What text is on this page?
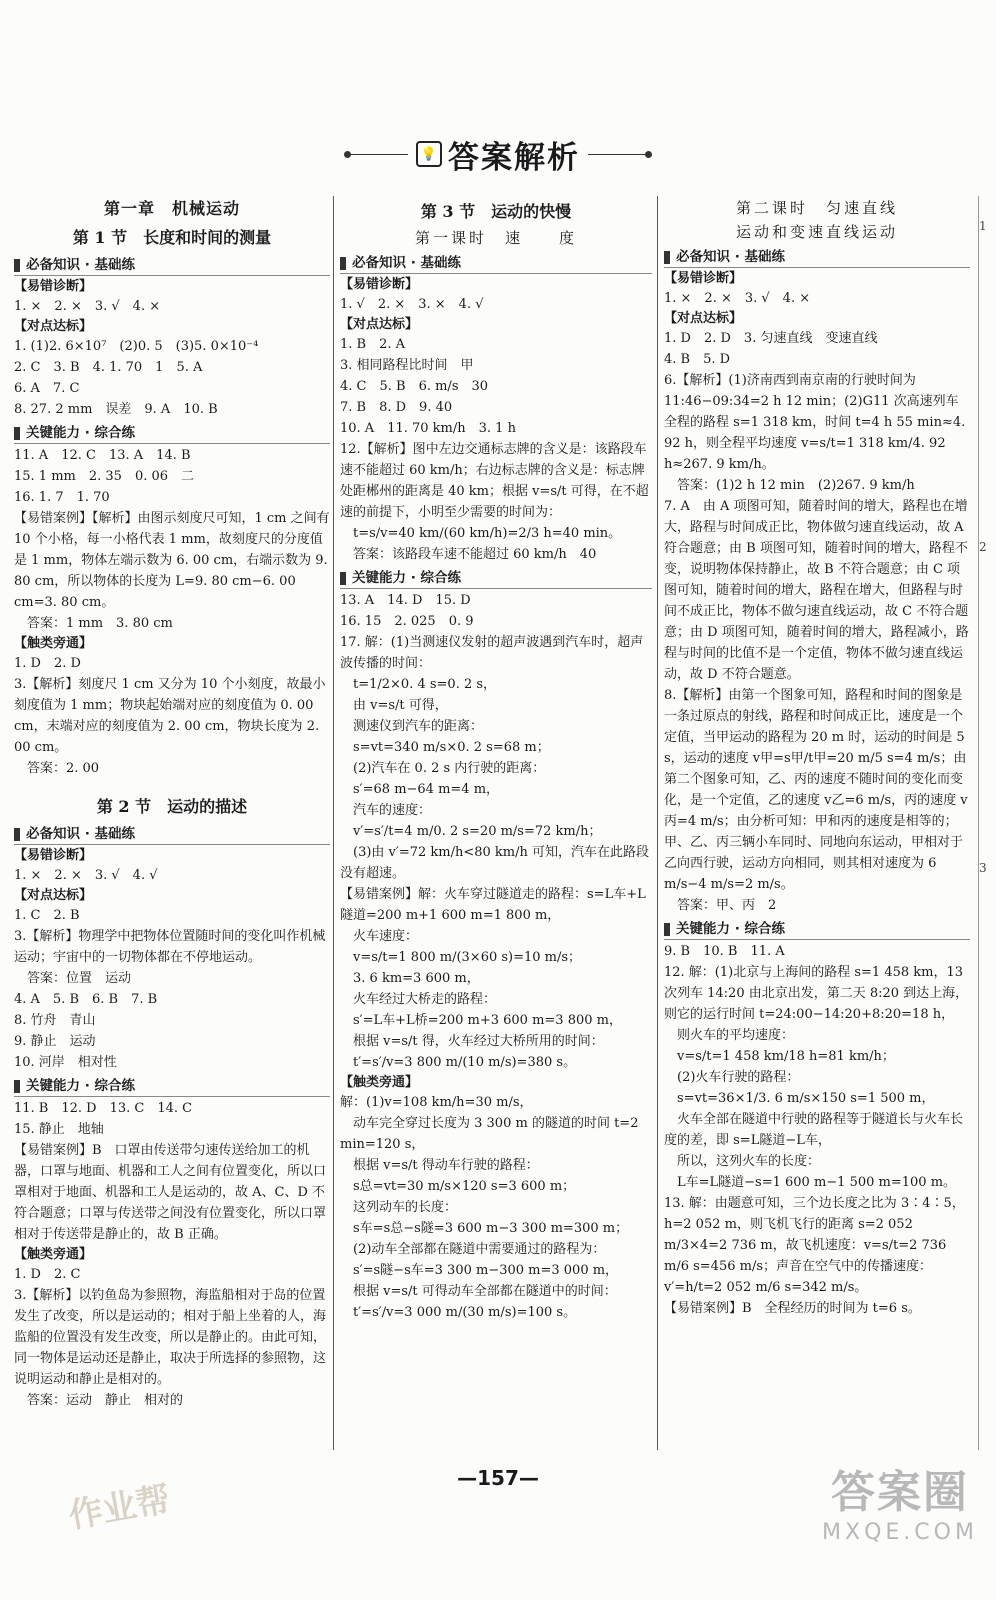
💡 答案解析
第一章　机械运动
第 1 节　长度和时间的测量
必备知识 · 基础练
【易错诊断】
1. ×　2. ×　3. √　4. ×
【对点达标】
1. (1)2. 6×10⁷　(2)0. 5　(3)5. 0×10⁻⁴
2. C　3. B　4. 1. 70　1　5. A
6. A　7. C
8. 27. 2 mm　误差　9. A　10. B
关键能力 · 综合练
11. A　12. C　13. A　14. B
15. 1 mm　2. 35　0. 06　二
16. 1. 7　1. 70
【易错案例】【解析】由图示刻度尺可知，1 cm 之间有 10 个小格，每一小格代表 1 mm，故刻度尺的分度值是 1 mm，物体左端示数为 6. 00 cm，右端示数为 9. 80 cm，所以物体的长度为 L=9. 80 cm−6. 00 cm=3. 80 cm。
　答案：1 mm　3. 80 cm
【触类旁通】
1. D　2. D
3.【解析】刻度尺 1 cm 又分为 10 个小刻度，故最小刻度值为 1 mm；物块起始端对应的刻度值为 0. 00 cm，末端对应的刻度值为 2. 00 cm，物块长度为 2. 00 cm。
　答案：2. 00
第 2 节　运动的描述
必备知识 · 基础练
【易错诊断】
1. ×　2. ×　3. √　4. √
【对点达标】
1. C　2. B
3.【解析】物理学中把物体位置随时间的变化叫作机械运动；宇宙中的一切物体都在不停地运动。
　答案：位置　运动
4. A　5. B　6. B　7. B
8. 竹舟　青山
9. 静止　运动
10. 河岸　相对性
关键能力 · 综合练
11. B　12. D　13. C　14. C
15. 静止　地轴
【易错案例】B　口罩由传送带匀速传送给加工的机器，口罩与地面、机器和工人之间有位置变化，所以口罩相对于地面、机器和工人是运动的，故 A、C、D 不符合题意；口罩与传送带之间没有位置变化，所以口罩相对于传送带是静止的，故 B 正确。
【触类旁通】
1. D　2. C
3.【解析】以钓鱼岛为参照物，海监船相对于岛的位置发生了改变，所以是运动的；相对于船上坐着的人，海监船的位置没有发生改变，所以是静止的。由此可知，同一物体是运动还是静止，取决于所选择的参照物，这说明运动和静止是相对的。
　答案：运动　静止　相对的
第 3 节　运动的快慢
第一课时　速　　度
必备知识 · 基础练
【易错诊断】
1. √　2. ×　3. ×　4. √
【对点达标】
1. B　2. A
3. 相同路程比时间　甲
4. C　5. B　6. m/s　30
7. B　8. D　9. 40
10. A　11. 70 km/h　3. 1 h
12.【解析】图中左边交通标志牌的含义是：该路段车速不能超过 60 km/h；右边标志牌的含义是：标志牌处距郴州的距离是 40 km；根据 v=s/t 可得，在不超速的前提下，小明至少需要的时间为：
　t=s/v=40 km/(60 km/h)=2/3 h=40 min。
　答案：该路段车速不能超过 60 km/h　40
关键能力 · 综合练
13. A　14. D　15. D
16. 15　2. 025　0. 9
17. 解：(1)当测速仪发射的超声波遇到汽车时，超声波传播的时间：
　t=1/2×0. 4 s=0. 2 s，
　由 v=s/t 可得，
　测速仪到汽车的距离：
　s=vt=340 m/s×0. 2 s=68 m；
　(2)汽车在 0. 2 s 内行驶的距离：
　s′=68 m−64 m=4 m，
　汽车的速度：
　v′=s′/t=4 m/0. 2 s=20 m/s=72 km/h；
　(3)由 v′=72 km/h<80 km/h 可知，汽车在此路段没有超速。
【易错案例】解：火车穿过隧道走的路程：s=L车+L隧道=200 m+1 600 m=1 800 m，
　火车速度：
　v=s/t=1 800 m/(3×60 s)=10 m/s；
　3. 6 km=3 600 m，
　火车经过大桥走的路程：
　s′=L车+L桥=200 m+3 600 m=3 800 m，
　根据 v=s/t 得，火车经过大桥所用的时间：
　t′=s′/v=3 800 m/(10 m/s)=380 s。
【触类旁通】
解：(1)v=108 km/h=30 m/s，
　动车完全穿过长度为 3 300 m 的隧道的时间 t=2 min=120 s，
　根据 v=s/t 得动车行驶的路程：
　s总=vt=30 m/s×120 s=3 600 m；
　这列动车的长度：
　s车=s总−s隧=3 600 m−3 300 m=300 m；
　(2)动车全部都在隧道中需要通过的路程为：
　s′=s隧−s车=3 300 m−300 m=3 000 m，
　根据 v=s/t 可得动车全部都在隧道中的时间：
　t′=s′/v=3 000 m/(30 m/s)=100 s。
第二课时　匀速直线
运动和变速直线运动
必备知识 · 基础练
【易错诊断】
1. ×　2. ×　3. √　4. ×
【对点达标】
1. D　2. D　3. 匀速直线　变速直线
4. B　5. D
6.【解析】(1)济南西到南京南的行驶时间为 11:46−09:34=2 h 12 min；(2)G11 次高速列车全程的路程 s=1 318 km，时间 t=4 h 55 min≈4. 92 h，则全程平均速度 v=s/t=1 318 km/4. 92 h≈267. 9 km/h。
　答案：(1)2 h 12 min　(2)267. 9 km/h
7. A　由 A 项图可知，随着时间的增大，路程也在增大，路程与时间成正比，物体做匀速直线运动，故 A 符合题意；由 B 项图可知，随着时间的增大，路程不变，说明物体保持静止，故 B 不符合题意；由 C 项图可知，随着时间的增大，路程在增大，但路程与时间不成正比，物体不做匀速直线运动，故 C 不符合题意；由 D 项图可知，随着时间的增大，路程减小，路程与时间的比值不是一个定值，物体不做匀速直线运动，故 D 不符合题意。
8.【解析】由第一个图象可知，路程和时间的图象是一条过原点的射线，路程和时间成正比，速度是一个定值，当甲运动的路程为 20 m 时，运动的时间是 5 s，运动的速度 v甲=s甲/t甲=20 m/5 s=4 m/s；由第二个图象可知，乙、丙的速度不随时间的变化而变化，是一个定值，乙的速度 v乙=6 m/s，丙的速度 v丙=4 m/s；由分析可知：甲和丙的速度是相等的；甲、乙、丙三辆小车同时、同地向东运动，甲相对于乙向西行驶，运动方向相同，则其相对速度为 6 m/s−4 m/s=2 m/s。
　答案：甲、丙　2
关键能力 · 综合练
9. B　10. B　11. A
12. 解：(1)北京与上海间的路程 s=1 458 km，13 次列车 14:20 由北京出发，第二天 8:20 到达上海，则它的运行时间 t=24:00−14:20+8:20=18 h，
　则火车的平均速度：
　v=s/t=1 458 km/18 h=81 km/h；
　(2)火车行驶的路程：
　s=vt=36×1/3. 6 m/s×150 s=1 500 m，
　火车全部在隧道中行驶的路程等于隧道长与火车长度的差，即 s=L隧道−L车，
　所以，这列火车的长度：
　L车=L隧道−s=1 600 m−1 500 m=100 m。
13. 解：由题意可知，三个边长度之比为 3∶4∶5，h=2 052 m，则飞机飞行的距离 s=2 052 m/3×4=2 736 m，故飞机速度：v=s/t=2 736 m/6 s=456 m/s；声音在空气中的传播速度：v′=h/t=2 052 m/6 s=342 m/s。
【易错案例】B　全程经历的时间为 t=6 s。
1
2
3
—157—
作业帮	答案圈
MXQE.COM
